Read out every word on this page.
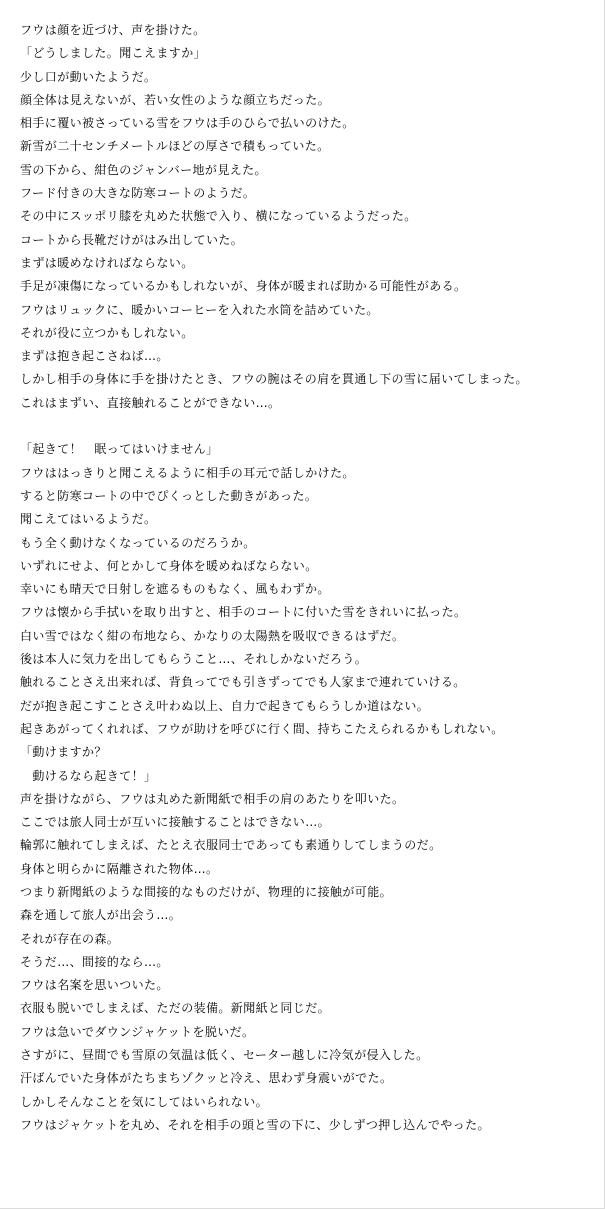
フウは顔を近づけ、声を掛けた。
「どうしました。聞こえますか」
少し口が動いたようだ。
顔全体は見えないが、若い女性のような顔立ちだった。
相手に覆い被さっている雪をフウは手のひらで払いのけた。
新雪が二十センチメートルほどの厚さで積もっていた。
雪の下から、紺色のジャンバー地が見えた。
フード付きの大きな防寒コートのようだ。
その中にスッポリ膝を丸めた状態で入り、横になっているようだった。
コートから長靴だけがはみ出していた。
まずは暖めなければならない。
手足が凍傷になっているかもしれないが、身体が暖まれば助かる可能性がある。
フウはリュックに、暖かいコーヒーを入れた水筒を詰めていた。
それが役に立つかもしれない。
まずは抱き起こさねば…。
しかし相手の身体に手を掛けたとき、フウの腕はその肩を貫通し下の雪に届いてしまった。
これはまずい、直接触れることができない…。
「起きて！　眠ってはいけません」
フウははっきりと聞こえるように相手の耳元で話しかけた。
すると防寒コートの中でぴくっとした動きがあった。
聞こえてはいるようだ。
もう全く動けなくなっているのだろうか。
いずれにせよ、何とかして身体を暖めねばならない。
幸いにも晴天で日射しを遮るものもなく、風もわずか。
フウは懐から手拭いを取り出すと、相手のコートに付いた雪をきれいに払った。
白い雪ではなく紺の布地なら、かなりの太陽熱を吸収できるはずだ。
後は本人に気力を出してもらうこと…、それしかないだろう。
触れることさえ出来れば、背負ってでも引きずってでも人家まで連れていける。
だが抱き起こすことさえ叶わぬ以上、自力で起きてもらうしか道はない。
起きあがってくれれば、フウが助けを呼びに行く間、持ちこたえられるかもしれない。
「動けますか？
　動けるなら起きて！」
声を掛けながら、フウは丸めた新聞紙で相手の肩のあたりを叩いた。
ここでは旅人同士が互いに接触することはできない…。
輪郭に触れてしまえば、たとえ衣服同士であっても素通りしてしまうのだ。
身体と明らかに隔離された物体…。
つまり新聞紙のような間接的なものだけが、物理的に接触が可能。
森を通して旅人が出会う…。
それが存在の森。
そうだ…、間接的なら…。
フウは名案を思いついた。
衣服も脱いでしまえば、ただの装備。新聞紙と同じだ。
フウは急いでダウンジャケットを脱いだ。
さすがに、昼間でも雪原の気温は低く、セーター越しに冷気が侵入した。
汗ばんでいた身体がたちまちゾクッと冷え、思わず身震いがでた。
しかしそんなことを気にしてはいられない。
フウはジャケットを丸め、それを相手の頭と雪の下に、少しずつ押し込んでやった。
